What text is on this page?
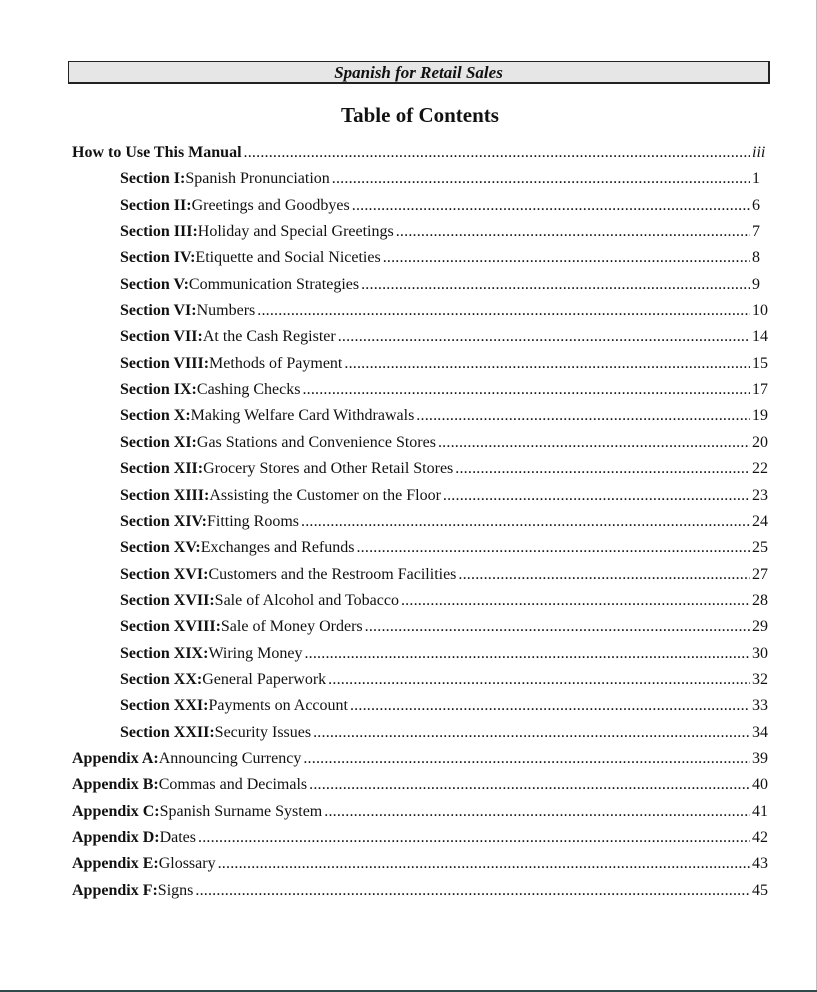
Spanish for Retail Sales
Table of Contents
How to Use This Manual .....	iii
Section I: Spanish Pronunciation .....	1
Section II: Greetings and Goodbyes .....	6
Section III: Holiday and Special Greetings .....	7
Section IV: Etiquette and Social Niceties .....	8
Section V: Communication Strategies .....	9
Section VI: Numbers .....	10
Section VII: At the Cash Register .....	14
Section VIII: Methods of Payment .....	15
Section IX: Cashing Checks .....	17
Section X: Making Welfare Card Withdrawals .....	19
Section XI: Gas Stations and Convenience Stores .....	20
Section XII: Grocery Stores and Other Retail Stores .....	22
Section XIII: Assisting the Customer on the Floor .....	23
Section XIV: Fitting Rooms .....	24
Section XV: Exchanges and Refunds .....	25
Section XVI: Customers and the Restroom Facilities .....	27
Section XVII: Sale of Alcohol and Tobacco .....	28
Section XVIII: Sale of Money Orders .....	29
Section XIX: Wiring Money .....	30
Section XX: General Paperwork .....	32
Section XXI: Payments on Account .....	33
Section XXII: Security Issues .....	34
Appendix A: Announcing Currency .....	39
Appendix B: Commas and Decimals .....	40
Appendix C: Spanish Surname System .....	41
Appendix D: Dates .....	42
Appendix E: Glossary .....	43
Appendix F: Signs .....	45
